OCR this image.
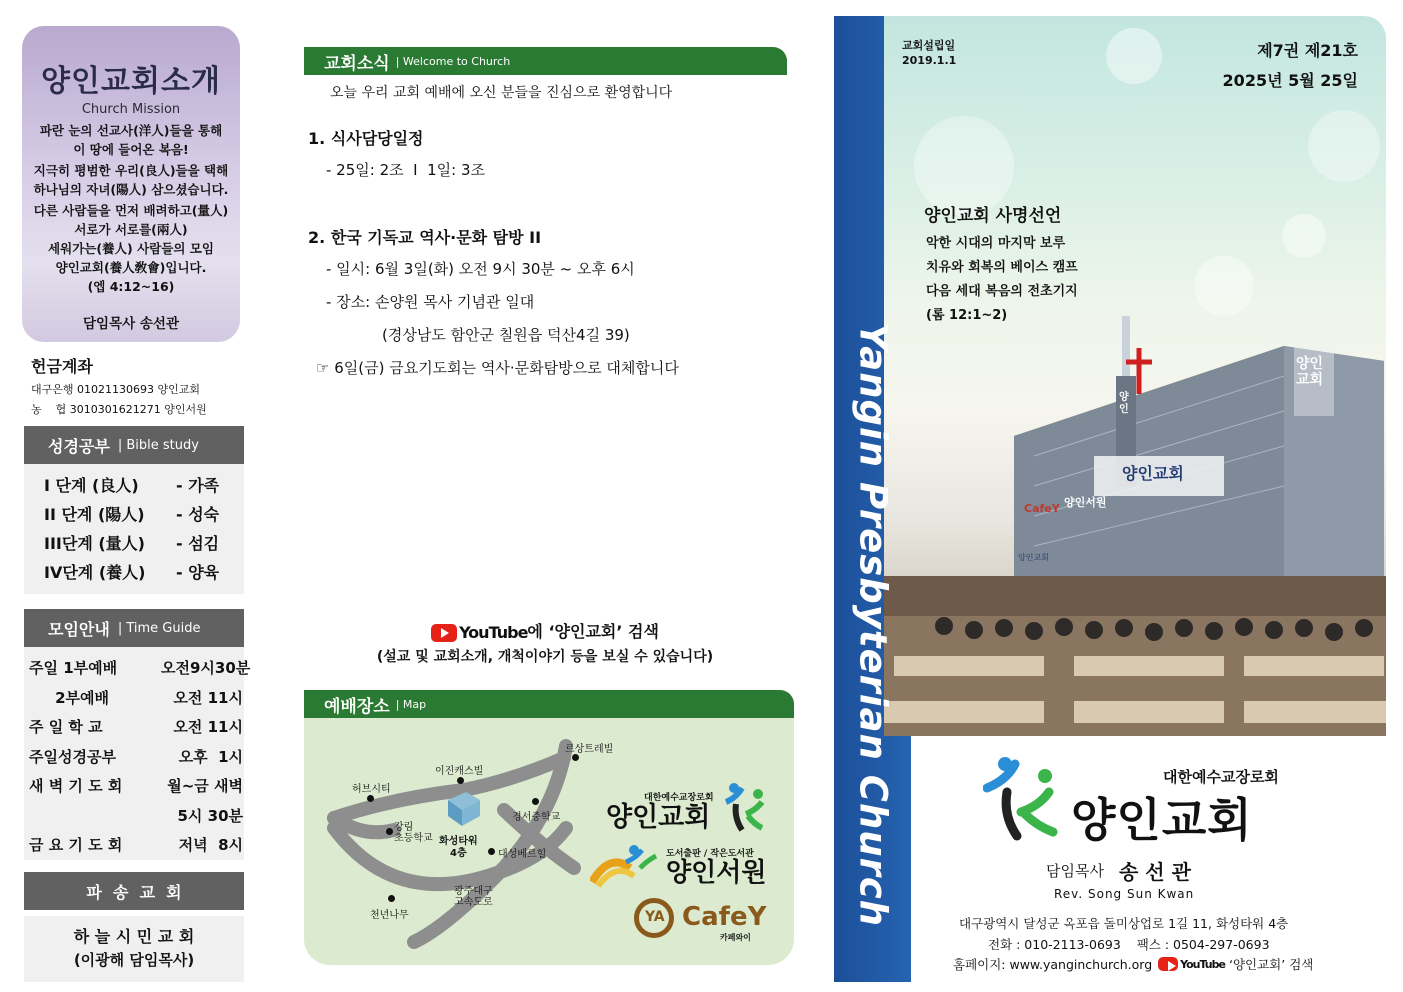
양인교회소개
Church Mission
파란 눈의 선교사(洋人)들을 통해
이 땅에 들어온 복음!
지극히 평범한 우리(良人)들을 택해
하나님의 자녀(陽人) 삼으셨습니다.
다른 사람들을 먼저 배려하고(量人)
서로가 서로를(兩人)
세워가는(養人) 사람들의 모임
양인교회(養人敎會)입니다.
(엡 4:12~16)
담임목사 송선관
헌금계좌
대구은행 01021130693 양인교회
농    협 3010301621271 양인서원
성경공부 | Bible study
I 단계 (良人)	- 가족
II 단계 (陽人)	- 성숙
III단계 (量人)	- 섬김
IV단계 (養人)	- 양육
모임안내 | Time Guide
주일 1부예배	오전9시30분
2부예배	오전 11시
주 일 학 교	오전 11시
주일성경공부	오후  1시
새 벽 기 도 회	월~금 새벽
5시 30분
금 요 기 도 회	저녁  8시
파  송  교  회
하 늘 시 민 교 회
(이광해 담임목사)
교회소식 | Welcome to Church
오늘 우리 교회 예배에 오신 분들을 진심으로 환영합니다
1. 식사담당일정
- 25일: 2조  I  1일: 3조
2. 한국 기독교 역사·문화 탐방 II
- 일시: 6월 3일(화) 오전 9시 30분 ~ 오후 6시
- 장소: 손양원 목사 기념관 일대
(경상남도 함안군 칠원읍 덕산4길 39)
☞ 6일(금) 금요기도회는 역사·문화탐방으로 대체합니다
YouTube 에 ‘양인교회’ 검색
(설교 및 교회소개, 개척이야기 등을 보실 수 있습니다)
예배장소 | Map
허브시티
이진캐스빌
르상트레빌
강림
초등학교 화성타워
4층
경서중학교
대성베르힐
천년나무
광주대구
고속도로
대한예수교장로회
양인교회
도서출판 / 작은도서관
양인서원
YA CafeY
카페와이
교회설립일
2019.1.1
제7권 제21호
2025년 5월 25일
양인교회 사명선언
악한 시대의 마지막 보루
치유와 회복의 베이스 캠프
다음 세대 복음의 전초기지
(롬 12:1~2)
양인
양인
교회
양인교회
CafeY 양인서원
양인교회
Yangin Presbyterian Church	대한예수교장로회
양인교회
담임목사 송 선 관
Rev. Song Sun Kwan
대구광역시 달성군 옥포읍 돌미상업로 1길 11, 화성타워 4층
전화 : 010-2113-0693    팩스 : 0504-297-0693
홈페이지: www.yanginchurch.org	YouTube ‘양인교회’ 검색
